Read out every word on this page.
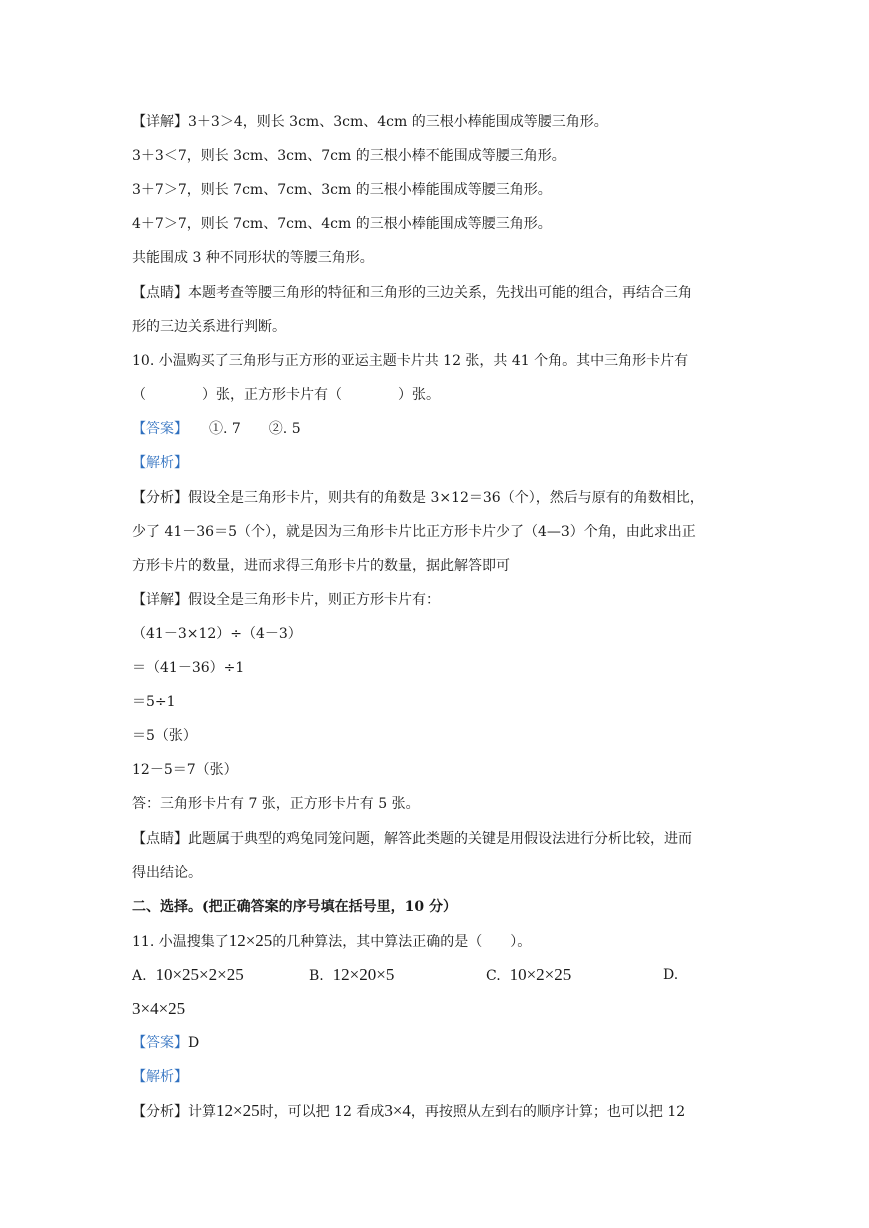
【详解】3＋3＞4，则长 3cm、3cm、4cm 的三根小棒能围成等腰三角形。
3＋3＜7，则长 3cm、3cm、7cm 的三根小棒不能围成等腰三角形。
3＋7＞7，则长 7cm、7cm、3cm 的三根小棒能围成等腰三角形。
4＋7＞7，则长 7cm、7cm、4cm 的三根小棒能围成等腰三角形。
共能围成 3 种不同形状的等腰三角形。
【点睛】本题考查等腰三角形的特征和三角形的三边关系，先找出可能的组合，再结合三角
形的三边关系进行判断。
10. 小温购买了三角形与正方形的亚运主题卡片共 12 张，共 41 个角。其中三角形卡片有
（　　　　）张，正方形卡片有（　　　　）张。
【答案】　　①. 7　　②. 5
【解析】
【分析】假设全是三角形卡片，则共有的角数是 3×12＝36（个），然后与原有的角数相比，
少了 41－36＝5（个），就是因为三角形卡片比正方形卡片少了（4—3）个角，由此求出正
方形卡片的数量，进而求得三角形卡片的数量，据此解答即可
【详解】假设全是三角形卡片，则正方形卡片有：
（41－3×12）÷（4－3）
＝（41－36）÷1
＝5÷1
＝5（张）
12－5＝7（张）
答：三角形卡片有 7 张，正方形卡片有 5 张。
【点睛】此题属于典型的鸡兔同笼问题，解答此类题的关键是用假设法进行分析比较，进而
得出结论。
二、选择。(把正确答案的序号填在括号里，10 分）
11. 小温搜集了12×25的几种算法，其中算法正确的是（　　）。
A. 10×25×2×25	B. 12×20×5	C. 10×2×25	D.
3×4×25
【答案】D
【解析】
【分析】计算12×25时，可以把 12 看成3×4，再按照从左到右的顺序计算；也可以把 12
